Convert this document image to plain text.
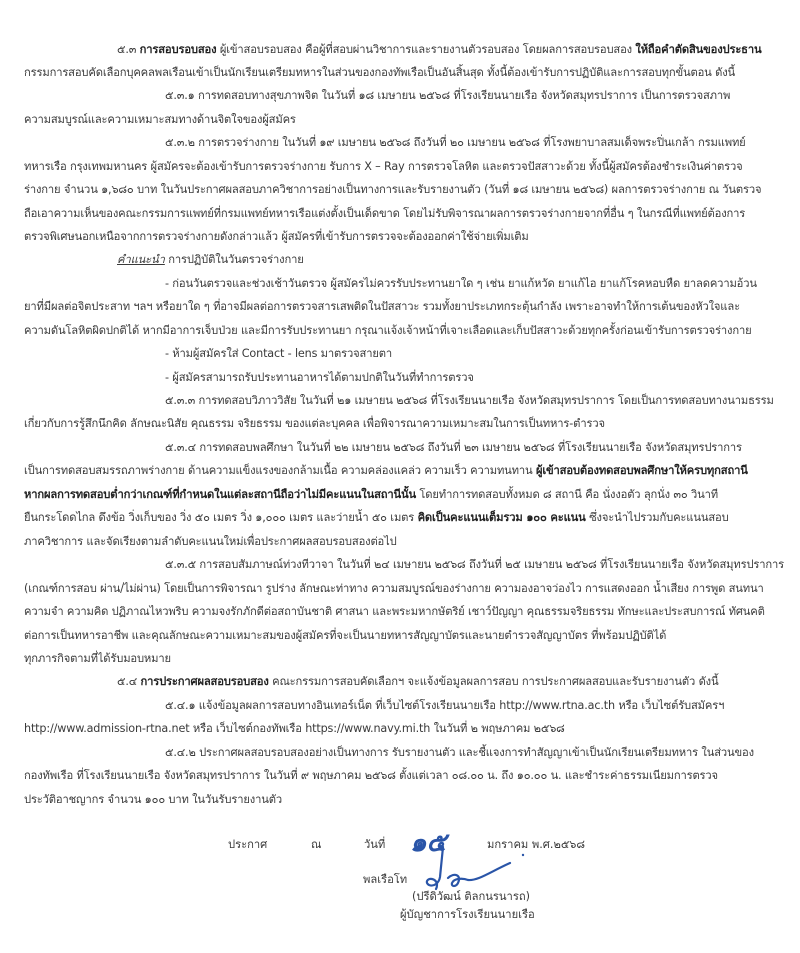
๕.๓ การสอบรอบสอง ผู้เข้าสอบรอบสอง คือผู้ที่สอบผ่านวิชาการและรายงานตัวรอบสอง โดยผลการสอบรอบสอง ให้ถือคำตัดสินของประธาน
กรรมการสอบคัดเลือกบุคคลพลเรือนเข้าเป็นนักเรียนเตรียมทหารในส่วนของกองทัพเรือเป็นอันสิ้นสุด ทั้งนี้ต้องเข้ารับการปฏิบัติและการสอบทุกขั้นตอน ดังนี้
๕.๓.๑ การทดสอบทางสุขภาพจิต ในวันที่ ๑๘ เมษายน ๒๕๖๘ ที่โรงเรียนนายเรือ จังหวัดสมุทรปราการ เป็นการตรวจสภาพ
ความสมบูรณ์และความเหมาะสมทางด้านจิตใจของผู้สมัคร
๕.๓.๒ การตรวจร่างกาย ในวันที่ ๑๙ เมษายน ๒๕๖๘ ถึงวันที่ ๒๐ เมษายน ๒๕๖๘ ที่โรงพยาบาลสมเด็จพระปิ่นเกล้า กรมแพทย์
ทหารเรือ กรุงเทพมหานคร ผู้สมัครจะต้องเข้ารับการตรวจร่างกาย รับการ X – Ray การตรวจโลหิต และตรวจปัสสาวะด้วย ทั้งนี้ผู้สมัครต้องชำระเงินค่าตรวจ
ร่างกาย จำนวน ๑,๖๘๐ บาท ในวันประกาศผลสอบภาควิชาการอย่างเป็นทางการและรับรายงานตัว (วันที่ ๑๘ เมษายน ๒๕๖๘) ผลการตรวจร่างกาย ณ วันตรวจ
ถือเอาความเห็นของคณะกรรมการแพทย์ที่กรมแพทย์ทหารเรือแต่งตั้งเป็นเด็ดขาด โดยไม่รับพิจารณาผลการตรวจร่างกายจากที่อื่น ๆ ในกรณีที่แพทย์ต้องการ
ตรวจพิเศษนอกเหนือจากการตรวจร่างกายดังกล่าวแล้ว ผู้สมัครที่เข้ารับการตรวจจะต้องออกค่าใช้จ่ายเพิ่มเติม
คำแนะนำ การปฏิบัติในวันตรวจร่างกาย
- ก่อนวันตรวจและช่วงเช้าวันตรวจ ผู้สมัครไม่ควรรับประทานยาใด ๆ เช่น ยาแก้หวัด ยาแก้ไอ ยาแก้โรคหอบหืด ยาลดความอ้วน
ยาที่มีผลต่อจิตประสาท ฯลฯ หรือยาใด ๆ ที่อาจมีผลต่อการตรวจสารเสพติดในปัสสาวะ รวมทั้งยาประเภทกระตุ้นกำลัง เพราะอาจทำให้การเต้นของหัวใจและ
ความดันโลหิตผิดปกติได้ หากมีอาการเจ็บป่วย และมีการรับประทานยา กรุณาแจ้งเจ้าหน้าที่เจาะเลือดและเก็บปัสสาวะด้วยทุกครั้งก่อนเข้ารับการตรวจร่างกาย
- ห้ามผู้สมัครใส่ Contact - lens มาตรวจสายตา
- ผู้สมัครสามารถรับประทานอาหารได้ตามปกติในวันที่ทำการตรวจ
๕.๓.๓ การทดสอบวิภาววิสัย ในวันที่ ๒๑ เมษายน ๒๕๖๘ ที่โรงเรียนนายเรือ จังหวัดสมุทรปราการ โดยเป็นการทดสอบทางนามธรรม
เกี่ยวกับการรู้สึกนึกคิด ลักษณะนิสัย คุณธรรม จริยธรรม ของแต่ละบุคคล เพื่อพิจารณาความเหมาะสมในการเป็นทหาร-ตำรวจ
๕.๓.๔ การทดสอบพลศึกษา ในวันที่ ๒๒ เมษายน ๒๕๖๘ ถึงวันที่ ๒๓ เมษายน ๒๕๖๘ ที่โรงเรียนนายเรือ จังหวัดสมุทรปราการ
เป็นการทดสอบสมรรถภาพร่างกาย ด้านความแข็งแรงของกล้ามเนื้อ ความคล่องแคล่ว ความเร็ว ความทนทาน ผู้เข้าสอบต้องทดสอบพลศึกษาให้ครบทุกสถานี
หากผลการทดสอบต่ำกว่าเกณฑ์ที่กำหนดในแต่ละสถานีถือว่าไม่มีคะแนนในสถานีนั้น โดยทำการทดสอบทั้งหมด ๘ สถานี คือ นั่งงอตัว ลุกนั่ง ๓๐ วินาที
ยืนกระโดดไกล ดึงข้อ วิ่งเก็บของ วิ่ง ๕๐ เมตร วิ่ง ๑,๐๐๐ เมตร และว่ายน้ำ ๕๐ เมตร คิดเป็นคะแนนเต็มรวม ๑๐๐ คะแนน ซึ่งจะนำไปรวมกับคะแนนสอบ
ภาควิชาการ และจัดเรียงตามลำดับคะแนนใหม่เพื่อประกาศผลสอบรอบสองต่อไป
๕.๓.๕ การสอบสัมภาษณ์ท่วงทีวาจา ในวันที่ ๒๔ เมษายน ๒๕๖๘ ถึงวันที่ ๒๕ เมษายน ๒๕๖๘ ที่โรงเรียนนายเรือ จังหวัดสมุทรปราการ
(เกณฑ์การสอบ ผ่าน/ไม่ผ่าน) โดยเป็นการพิจารณา รูปร่าง ลักษณะท่าทาง ความสมบูรณ์ของร่างกาย ความองอาจว่องไว การแสดงออก น้ำเสียง การพูด สนทนา
ความจำ ความคิด ปฏิภาณไหวพริบ ความจงรักภักดีต่อสถาบันชาติ ศาสนา และพระมหากษัตริย์ เชาว์ปัญญา คุณธรรมจริยธรรม ทักษะและประสบการณ์ ทัศนคติ
ต่อการเป็นทหารอาชีพ และคุณลักษณะความเหมาะสมของผู้สมัครที่จะเป็นนายทหารสัญญาบัตรและนายตำรวจสัญญาบัตร ที่พร้อมปฏิบัติได้
ทุกภารกิจตามที่ได้รับมอบหมาย
๕.๔ การประกาศผลสอบรอบสอง คณะกรรมการสอบคัดเลือกฯ จะแจ้งข้อมูลผลการสอบ การประกาศผลสอบและรับรายงานตัว ดังนี้
๕.๔.๑ แจ้งข้อมูลผลการสอบทางอินเทอร์เน็ต ที่เว็บไซต์โรงเรียนนายเรือ http://www.rtna.ac.th หรือ เว็บไซต์รับสมัครฯ
http://www.admission-rtna.net หรือ เว็บไซต์กองทัพเรือ https://www.navy.mi.th ในวันที่ ๒ พฤษภาคม ๒๕๖๘
๕.๔.๒ ประกาศผลสอบรอบสองอย่างเป็นทางการ รับรายงานตัว และชี้แจงการทำสัญญาเข้าเป็นนักเรียนเตรียมทหาร ในส่วนของ
กองทัพเรือ ที่โรงเรียนนายเรือ จังหวัดสมุทรปราการ ในวันที่ ๙ พฤษภาคม ๒๕๖๘ ตั้งแต่เวลา ๐๘.๐๐ น. ถึง ๑๐.๐๐ น. และชำระค่าธรรมเนียมการตรวจ
ประวัติอาชญากร จำนวน ๑๐๐ บาท ในวันรับรายงานตัว
ประกาศ	ณ	วันที่ ๑๕	มกราคม พ.ศ.๒๕๖๘
พลเรือโท
(ปรีดิวัฒน์ ติลกนรนารถ)
ผู้บัญชาการโรงเรียนนายเรือ
